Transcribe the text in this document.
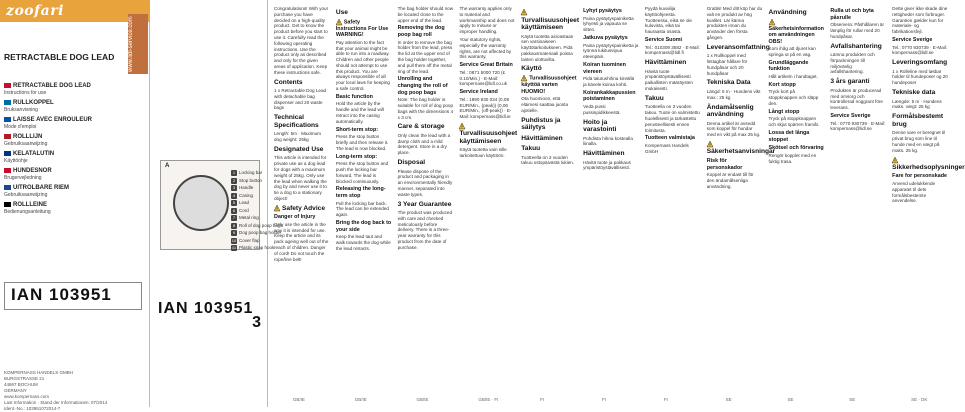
zoofari
www.lidl-service.com
RETRACTABLE DOG LEAD
RETRACTABLE DOG LEAD
Instructions for use
RULLKOPPEL
Bruksanvisning
LAISSE AVEC ENROULEUR
Mode d'emploi
ROLLLIJN
Gebruiksaanwijzing
KELATALUTIN
Käyttöohje
HUNDESNOR
Brugervejledning
UITROLBARE RIEM
Gebruiksaanwijzing
ROLLLEINE
Bedienungsanleitung
IAN 103951
KOMPERNASS HANDELS GMBH
BURGSTRASSE 21
44867 BOCHUM
GERMANY
www.kompernass.com
Last Information · Stand der Informationen: 07/2014
Ident.-No.: 103951072014-7
A
1 Locking bar
2 Stop button
3 Handle
4 Casing
5 Lead
6 Cord
7 Metal ring
8 Roll of dog poop bags
9 Dog poop bag holder
10 Cover flap
11 Plastic snap hook
IAN 103951
3

Congratulations! With your purchase you have decided on a high-quality product. Get to know the product before you start to use it. Carefully read the following operating instructions. Use the product only as described and only for the given areas of application. Keep these instructions safe.

Contents

1 x Retractable Dog Lead with detachable bag dispenser and 20 waste bags

Technical Specifications

Length: 5m · Maximum dog weight: 25kg

Designated Use

This article is intended for private use as a dog lead for dogs with a maximum weight of 25kg. Only use the lead when walking the dog by and never use it to tie a dog to a stationary object!

Safety Advice
Danger of Injury

Only use the article in the way it is intended for use. Keep the article and its pack ageing well out of the reach of children. Danger of cord! Do not touch the rope/line belt!

Use
Safety Instructions For Use WARNING!

Pay attention to the fact that your animal might be able to run into a roadway. Children and other people should not attempt to use this product. You are always responsible of all your local laws for keeping a safe control.

Basic function

Hold the article by the handle and the lead will retract into the casing automatically.

Short-term stop:

Press the stop button briefly and then release it. The lead is now blocked.

Long-term stop:

Press the stop button and push the locking bar forward. The lead is blocked continuously.

Releasing the long-term stop

Pull the locking bar back. The lead can be extended again.

Bring the dog back to your side

Keep the lead taut and walk towards the dog while the lead retracts.

The bag holder should now be located close to the upper end of the lead.

Removing the dog poop bag roll

In order to remove the bag holder from the lead, press the lid at the upper end of the bag holder together, and pull them off the metal ring of the lead.

Unrolling and changing the roll of dog poop bags

Note: The bag holder is suitable for roll of dog poop bags with the dimensions 4 x 3 cm.

Care & storage

Only clean the lead with a damp cloth and a mild detergent. Store in a dry place.

Disposal

Please dispose of the product and packaging in an environmentally friendly manner, separated into waste types.

3 Year Guarantee

The product was produced with care and checked meticulously before delivery. There is a three-year warranty for this product from the date of purchase.

The warranty applies only to material and workmanship and does not apply to misuse or improper handling.

Your statutory rights, especially the warranty rights, are not affected by this warranty.

Service Great Britain

Tel.: 0871 5000 720 (£ 0.10/Min.) · E-Mail: kompernass@lidl.co.uk

Service Ireland

Tel.: 1890 930 034 (0,08 EUR/Min., (peak)) (0,06 EUR/Min., (off-peak)) · E-Mail: kompernass@lidl.ie

Turvallisuusohjeet käyttämiseen

Käytä tuotetta vain sille tarkoitettuun käyttöön.

Turvallisuusohjeet käyttämiseen

Käytä tuotetta ainoastaan sen varsinaiseen käyttötarkoitukseen. Pidä pakkausmateriaali poissa lasten ulottuvilta.

Käyttö
Turvallisuusohjeet käyttöä varten HUOMIO!

Ota huomioon, että eläimesi saattaa juosta ajotielle.

Puhdistus ja säilytys
Hävittäminen
Takuu

Tuotteella on 3 vuoden takuu ostopäivästä lukien.

Lyhyt pysäytys

Paina pysäytyspainiketta lyhyesti ja vapauta se sitten.

Jatkuva pysäytys

Paina pysäytyspainiketta ja työnnä lukitusvipua eteenpäin.

Koiran tuominen viereen

Pidä talutushihna kireällä ja kävele koiraa kohti.

Koirankakkapussien poistaminen

Vedä pussi pussinpidikkeestä.

Hoito ja varastointi

Puhdista hihna kostealla liinalla.

Hävittäminen

Hävitä tuote ja pakkaus ympäristöystävällisesti.

Pyydä kuvailija käyttöohjeesta. Tuotteessa, eikä se ole kuluvista, eikä tai hauraasta osasta.

Service Suomi

Tel.: 010309 3582 · E-Mail: kompernass@lidl.fi

Hävittäminen

Hävitä tuote ympäristöystävällisesti paikallisten määräysten mukaisesti.

Takuu

Tuotteella on 3 vuoden takuu. Tuote on valmistettu huolellisesti ja tarkastettu perusteellisesti ennen toimitusta.

Tuotteen valmistaja

Kompernass Handels GmbH

Grattis! Med ditt köp har du valt en produkt av hög kvalitet. Lär känna produkten innan du använder den första gången.

Leveransomfattning

1 x Rullkoppel med löstagbar hållare för hundpåsar och 20 hundpåsar

Tekniska Data

Längd: 5 m · Hundens vikt max.: 25 kg

Ändamålsenlig användning

Denna artikel är avsedd som koppel för hundar med en vikt på max 25 kg.

Säkerhetsanvisningar
Risk för personskador

Koppel är endast till för den ändamålsenliga användning.

Användning
Säkerhetsinformation om användningen OBS!

Kom ihåg att djuret kan springa ut på en väg.

Grundläggande funktion

Håll artikeln i handtaget.

Kort stopp

Tryck kort på stoppknappen och släpp den.

Långt stopp

Tryck på stoppknappen och skjut spärren framåt.

Lossa det långa stoppet
Skötsel och förvaring

Rengör kopplet med en fuktig trasa.

Rulla ut och byta påsrulle

Observera: Påshållaren är lämplig för rullar med 20 hundpåsar.

Avfallshantering

Lämna produkten och förpackningen till miljövänlig avfallshantering.

3 års garanti

Produkten är producerad med omsorg och kontrollerad noggrant före leverans.

Service Sverige

Tel.: 0770 930739 · E-Mail: kompernass@lidl.se

Dette giver ikke skade dine rettigheder som forbruger. Garantien gælder kun for materiale- og fabrikationsfejl.

Service Sverige

Tel.: 0770 930739 · E-Mail: kompernass@lidl.se

Leveringsomfang

1 x Rolleline med løsbar holder til hundeposer og 20 hundeposer

Tekniske data

Længde: 5 m · Hundens maks. vægt: 25 kg

Formålsbestemt brug

Denne vare er beregnet til privat brug som line til hunde med en vægt på maks. 25 kg.

Sikkerhedsoplysninger
Fare for personskade

Anvend udelukkende apparatet til dets formålsbestemte anvendelse.

GB/IE	GB/IE	GB/IE	GB/IE · FI	FI	FI	FI	SE	SE	SE	SE · DK
